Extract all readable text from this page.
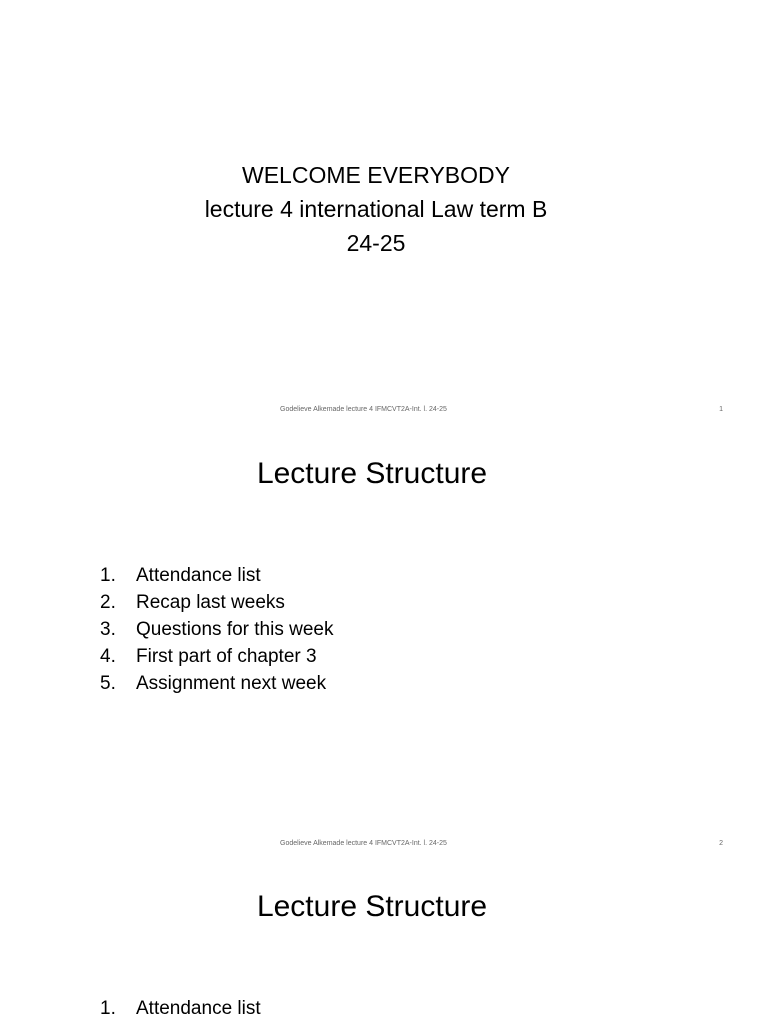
WELCOME EVERYBODY
lecture 4 international Law term B
24-25
Godelieve Alkemade lecture 4 IFMCVT2A-Int. l. 24-25	1
Lecture Structure
1.	Attendance list
2.	Recap last weeks
3.	Questions for this week
4.	First part of chapter 3
5.	Assignment next week
Godelieve Alkemade lecture 4 IFMCVT2A-Int. l. 24-25	2
Lecture Structure
1.	Attendance list
